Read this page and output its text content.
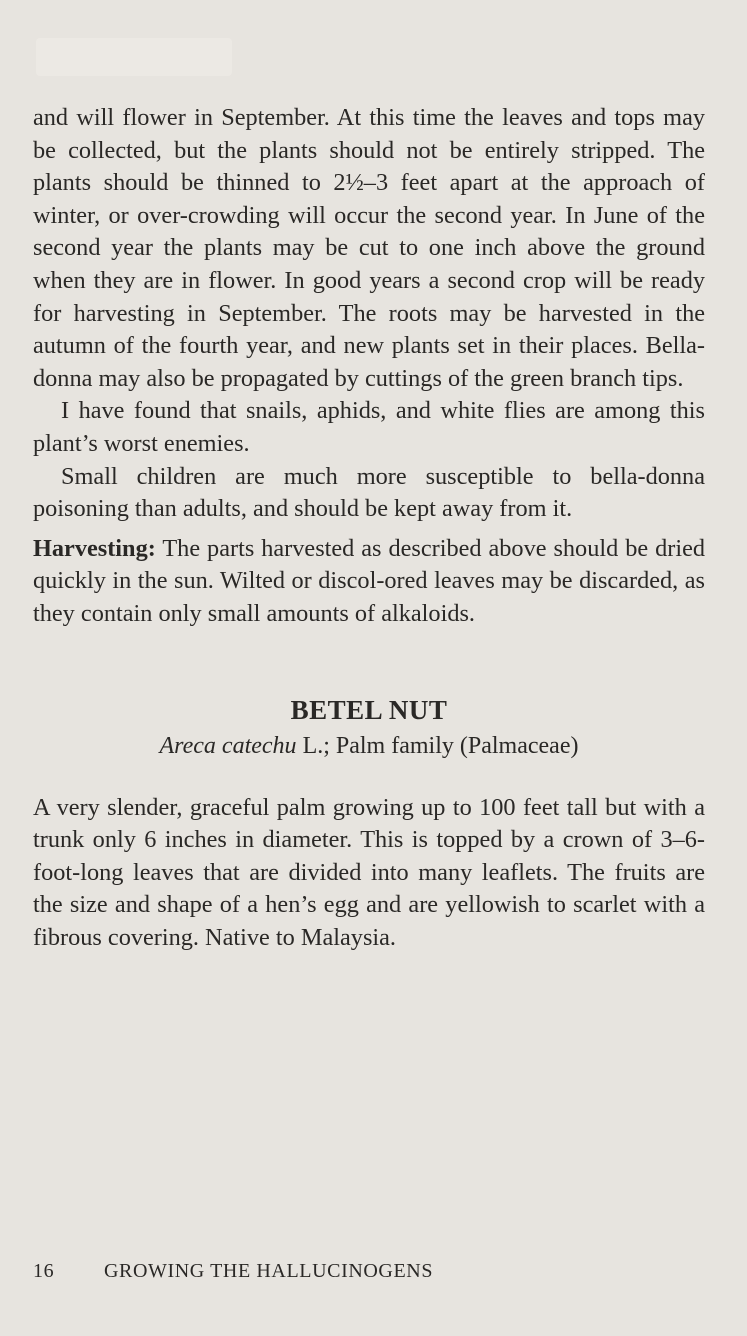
and will flower in September. At this time the leaves and tops may be collected, but the plants should not be entirely stripped. The plants should be thinned to 2½–3 feet apart at the approach of winter, or over-crowding will occur the second year. In June of the second year the plants may be cut to one inch above the ground when they are in flower. In good years a second crop will be ready for harvesting in September. The roots may be harvested in the autumn of the fourth year, and new plants set in their places. Bella-donna may also be propagated by cuttings of the green branch tips.

I have found that snails, aphids, and white flies are among this plant’s worst enemies.

Small children are much more susceptible to bella-donna poisoning than adults, and should be kept away from it.

Harvesting: The parts harvested as described above should be dried quickly in the sun. Wilted or discol-ored leaves may be discarded, as they contain only small amounts of alkaloids.

BETEL NUT

Areca catechu L.; Palm family (Palmaceae)

A very slender, graceful palm growing up to 100 feet tall but with a trunk only 6 inches in diameter. This is topped by a crown of 3–6-foot-long leaves that are divided into many leaflets. The fruits are the size and shape of a hen’s egg and are yellowish to scarlet with a fibrous covering. Native to Malaysia.

16 GROWING THE HALLUCINOGENS
